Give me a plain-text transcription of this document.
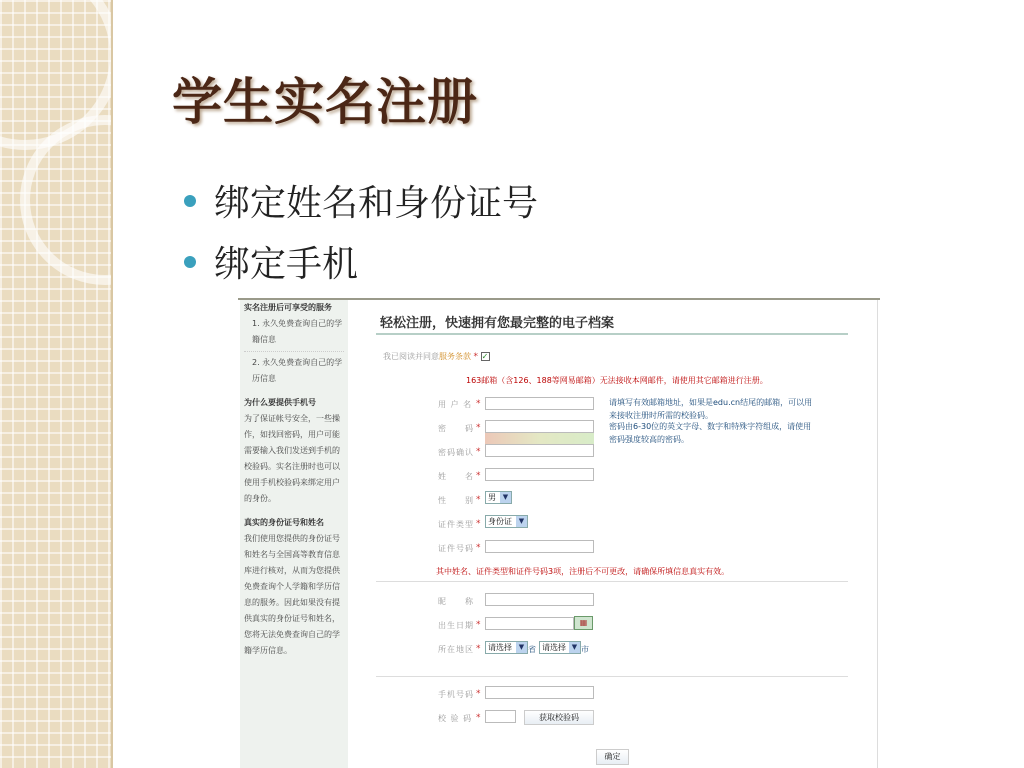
学生实名注册
绑定姓名和身份证号
绑定手机
实名注册后可享受的服务
1. 永久免费查询自己的学籍信息
2. 永久免费查询自己的学历信息
为什么要提供手机号
为了保证帐号安全，一些操作，如找回密码，用户可能需要输入我们发送到手机的校验码。实名注册时也可以使用手机校验码来绑定用户的身份。
真实的身份证号和姓名
我们使用您提供的身份证号和姓名与全国高等教育信息库进行核对，从而为您提供免费查询个人学籍和学历信息的服务。因此如果没有提供真实的身份证号和姓名，您将无法免费查询自己的学籍学历信息。
轻松注册，快速拥有您最完整的电子档案
我已阅读并同意服务条款 * ✓
163邮箱（含126、188等网易邮箱）无法接收本网邮件，请使用其它邮箱进行注册。
用 户 名 *	请填写有效邮箱地址，如果是edu.cn结尾的邮箱，可以用来接收注册时所需的校验码。
密　　码 *	密码由6-30位的英文字母、数字和特殊字符组成，请使用密码强度较高的密码。
密码确认 *
姓　　名 *
性　　别 * 男 ▼
证件类型 * 身份证 ▼
证件号码 *
其中姓名、证件类型和证件号码3项，注册后不可更改，请确保所填信息真实有效。
昵　　称
出生日期 *	▦
所在地区 * 请选择 ▼ 省 请选择 ▼ 市
手机号码 *
校 验 码 *	获取校验码
确定
